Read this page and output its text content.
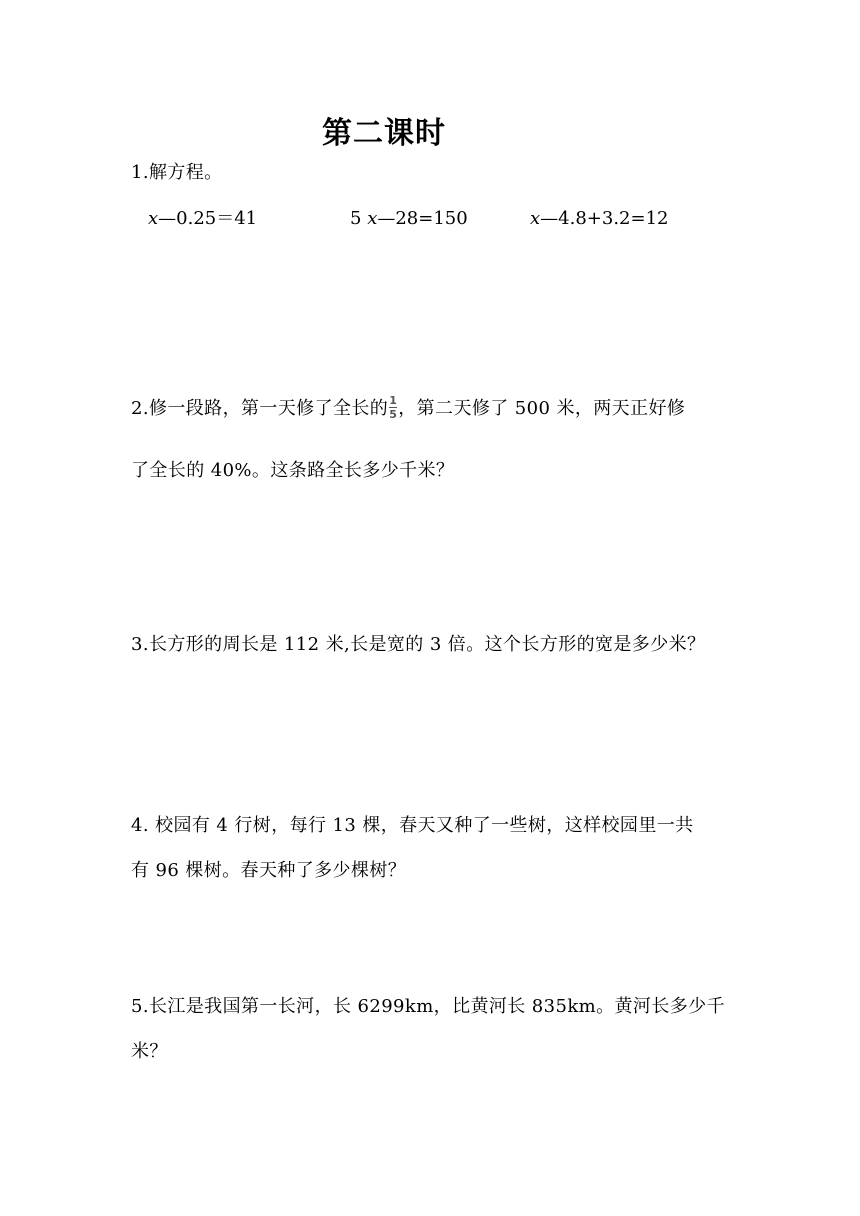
第二课时
1.解方程。
x—0.25＝41	5 x—28=150	x—4.8+3.2=12
2.修一段路，第一天修了全长的 $\frac{1}{5}$ ，第二天修了 500 米，两天正好修
了全长的 40%。这条路全长多少千米？
3.长方形的周长是 112 米,长是宽的 3 倍。这个长方形的宽是多少米？
4. 校园有 4 行树，每行 13 棵，春天又种了一些树，这样校园里一共
有 96 棵树。春天种了多少棵树？
5.长江是我国第一长河，长 6299km，比黄河长 835km。黄河长多少千
米？
